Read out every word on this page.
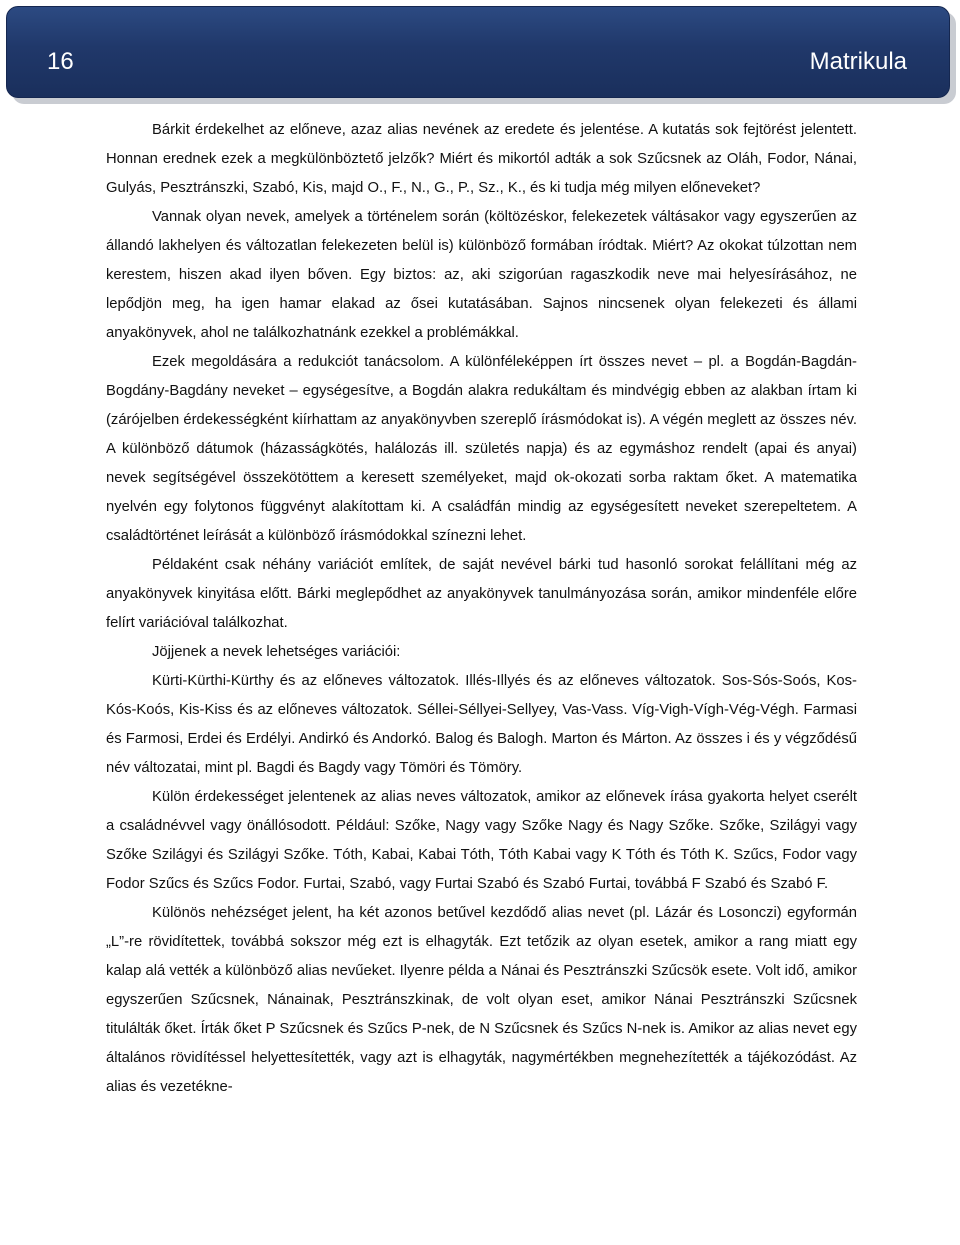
16	Matrikula

Bárkit érdekelhet az előneve, azaz alias nevének az eredete és jelentése. A kutatás sok fejtörést jelentett. Honnan erednek ezek a megkülönböztető jelzők? Miért és mikortól adták a sok Szűcsnek az Oláh, Fodor, Nánai, Gulyás, Pesztránszki, Szabó, Kis, majd O., F., N., G., P., Sz., K., és ki tudja még milyen előneveket?

Vannak olyan nevek, amelyek a történelem során (költözéskor, felekezetek váltásakor vagy egyszerűen az állandó lakhelyen és változatlan felekezeten belül is) különböző formában íródtak. Miért? Az okokat túlzottan nem kerestem, hiszen akad ilyen bőven. Egy biztos: az, aki szigorúan ragaszkodik neve mai helyesírásához, ne lepődjön meg, ha igen hamar elakad az ősei kutatásában. Sajnos nincsenek olyan felekezeti és állami anyakönyvek, ahol ne találkozhatnánk ezekkel a problémákkal.

Ezek megoldására a redukciót tanácsolom. A különféleképpen írt összes nevet – pl. a Bogdán-Bagdán-Bogdány-Bagdány neveket – egységesítve, a Bogdán alakra redukáltam és mindvégig ebben az alakban írtam ki (zárójelben érdekességként kiírhattam az anyakönyvben szereplő írásmódokat is). A végén meglett az összes név. A különböző dátumok (házasságkötés, halálozás ill. születés napja) és az egymáshoz rendelt (apai és anyai) nevek segítségével összekötöttem a keresett személyeket, majd ok-okozati sorba raktam őket. A matematika nyelvén egy folytonos függvényt alakítottam ki. A családfán mindig az egységesített neveket szerepeltetem. A családtörténet leírását a különböző írásmódokkal színezni lehet.

Példaként csak néhány variációt említek, de saját nevével bárki tud hasonló sorokat felállítani még az anyakönyvek kinyitása előtt. Bárki meglepődhet az anyakönyvek tanulmányozása során, amikor mindenféle előre felírt variációval találkozhat.

Jöjjenek a nevek lehetséges variációi:

Kürti-Kürthi-Kürthy és az előneves változatok. Illés-Illyés és az előneves változatok. Sos-Sós-Soós, Kos-Kós-Koós, Kis-Kiss és az előneves változatok. Séllei-Séllyei-Sellyey, Vas-Vass. Víg-Vigh-Vígh-Vég-Végh. Farmasi és Farmosi, Erdei és Erdélyi. Andirkó és Andorkó. Balog és Balogh. Marton és Márton. Az összes i és y végződésű név változatai, mint pl. Bagdi és Bagdy vagy Tömöri és Tömöry.

Külön érdekességet jelentenek az alias neves változatok, amikor az előnevek írása gyakorta helyet cserélt a családnévvel vagy önállósodott. Például: Szőke, Nagy vagy Szőke Nagy és Nagy Szőke. Szőke, Szilágyi vagy Szőke Szilágyi és Szilágyi Szőke. Tóth, Kabai, Kabai Tóth, Tóth Kabai vagy K Tóth és Tóth K. Szűcs, Fodor vagy Fodor Szűcs és Szűcs Fodor. Furtai, Szabó, vagy Furtai Szabó és Szabó Furtai, továbbá F Szabó és Szabó F.

Különös nehézséget jelent, ha két azonos betűvel kezdődő alias nevet (pl. Lázár és Losonczi) egyformán „L”-re rövidítettek, továbbá sokszor még ezt is elhagyták. Ezt tetőzik az olyan esetek, amikor a rang miatt egy kalap alá vették a különböző alias nevűeket. Ilyenre példa a Nánai és Pesztránszki Szűcsök esete. Volt idő, amikor egyszerűen Szűcsnek, Nánainak, Pesztránszkinak, de volt olyan eset, amikor Nánai Pesztránszki Szűcsnek titulálták őket. Írták őket P Szűcsnek és Szűcs P-nek, de N Szűcsnek és Szűcs N-nek is. Amikor az alias nevet egy általános rövidítéssel helyettesítették, vagy azt is elhagyták, nagymértékben megnehezítették a tájékozódást. Az alias és vezetékne-
